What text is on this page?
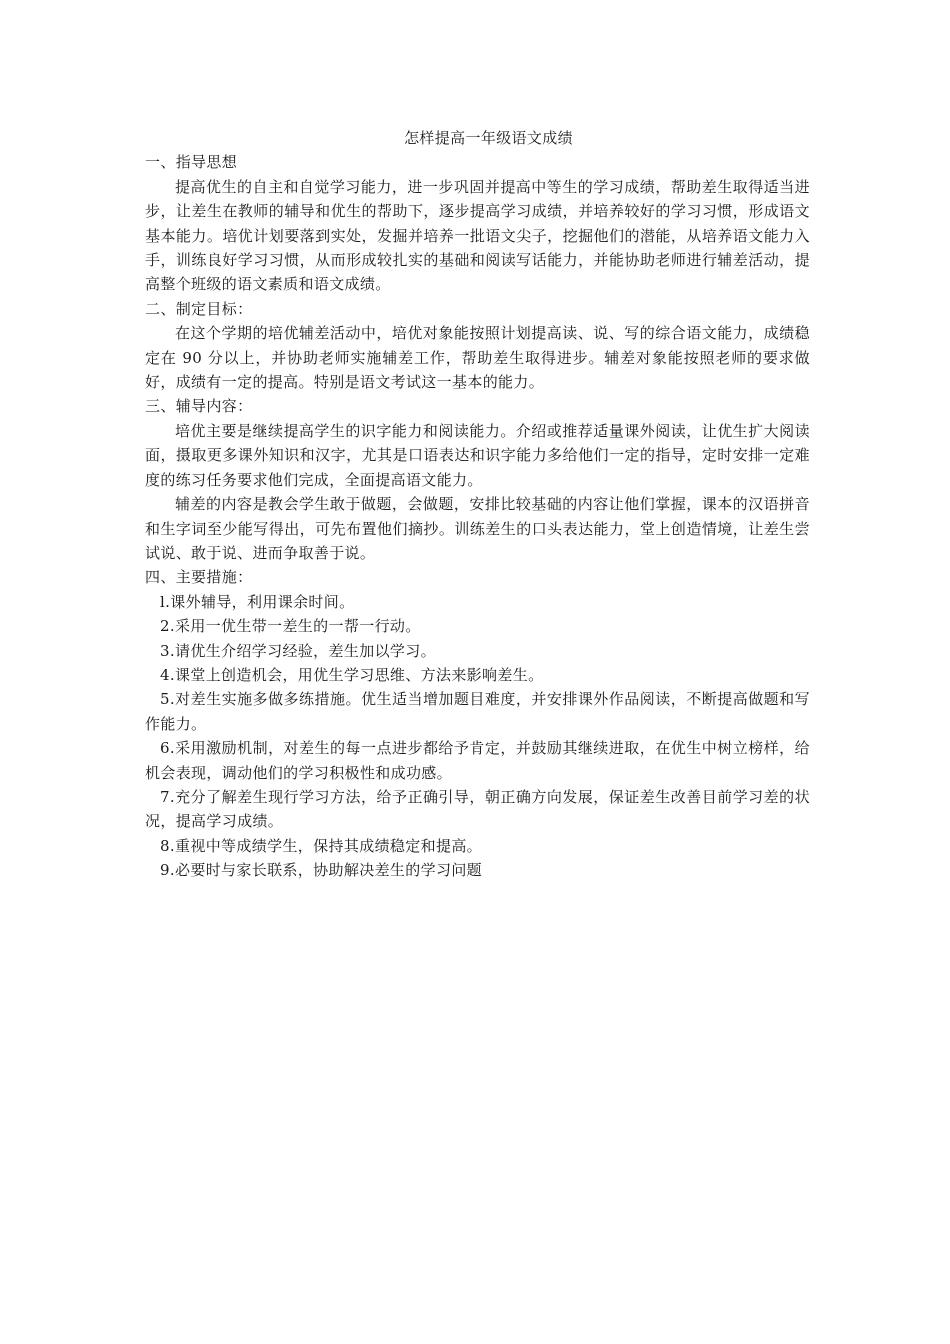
怎样提高一年级语文成绩
一、指导思想

提高优生的自主和自觉学习能力，进一步巩固并提高中等生的学习成绩，帮助差生取得适当进步，让差生在教师的辅导和优生的帮助下，逐步提高学习成绩，并培养较好的学习习惯，形成语文基本能力。培优计划要落到实处，发掘并培养一批语文尖子，挖掘他们的潜能，从培养语文能力入手，训练良好学习习惯，从而形成较扎实的基础和阅读写话能力，并能协助老师进行辅差活动，提高整个班级的语文素质和语文成绩。

二、制定目标：

在这个学期的培优辅差活动中，培优对象能按照计划提高读、说、写的综合语文能力，成绩稳定在 90 分以上，并协助老师实施辅差工作，帮助差生取得进步。辅差对象能按照老师的要求做好，成绩有一定的提高。特别是语文考试这一基本的能力。

三、辅导内容：

培优主要是继续提高学生的识字能力和阅读能力。介绍或推荐适量课外阅读，让优生扩大阅读面，摄取更多课外知识和汉字，尤其是口语表达和识字能力多给他们一定的指导，定时安排一定难度的练习任务要求他们完成，全面提高语文能力。

辅差的内容是教会学生敢于做题，会做题，安排比较基础的内容让他们掌握，课本的汉语拼音和生字词至少能写得出，可先布置他们摘抄。训练差生的口头表达能力，堂上创造情境，让差生尝试说、敢于说、进而争取善于说。

四、主要措施：

l.课外辅导，利用课余时间。

2.采用一优生带一差生的一帮一行动。

3.请优生介绍学习经验，差生加以学习。

4.课堂上创造机会，用优生学习思维、方法来影响差生。

5.对差生实施多做多练措施。优生适当增加题目难度，并安排课外作品阅读，不断提高做题和写作能力。

6.采用激励机制，对差生的每一点进步都给予肯定，并鼓励其继续进取，在优生中树立榜样，给机会表现，调动他们的学习积极性和成功感。

7.充分了解差生现行学习方法，给予正确引导，朝正确方向发展，保证差生改善目前学习差的状况，提高学习成绩。

8.重视中等成绩学生，保持其成绩稳定和提高。

9.必要时与家长联系，协助解决差生的学习问题
